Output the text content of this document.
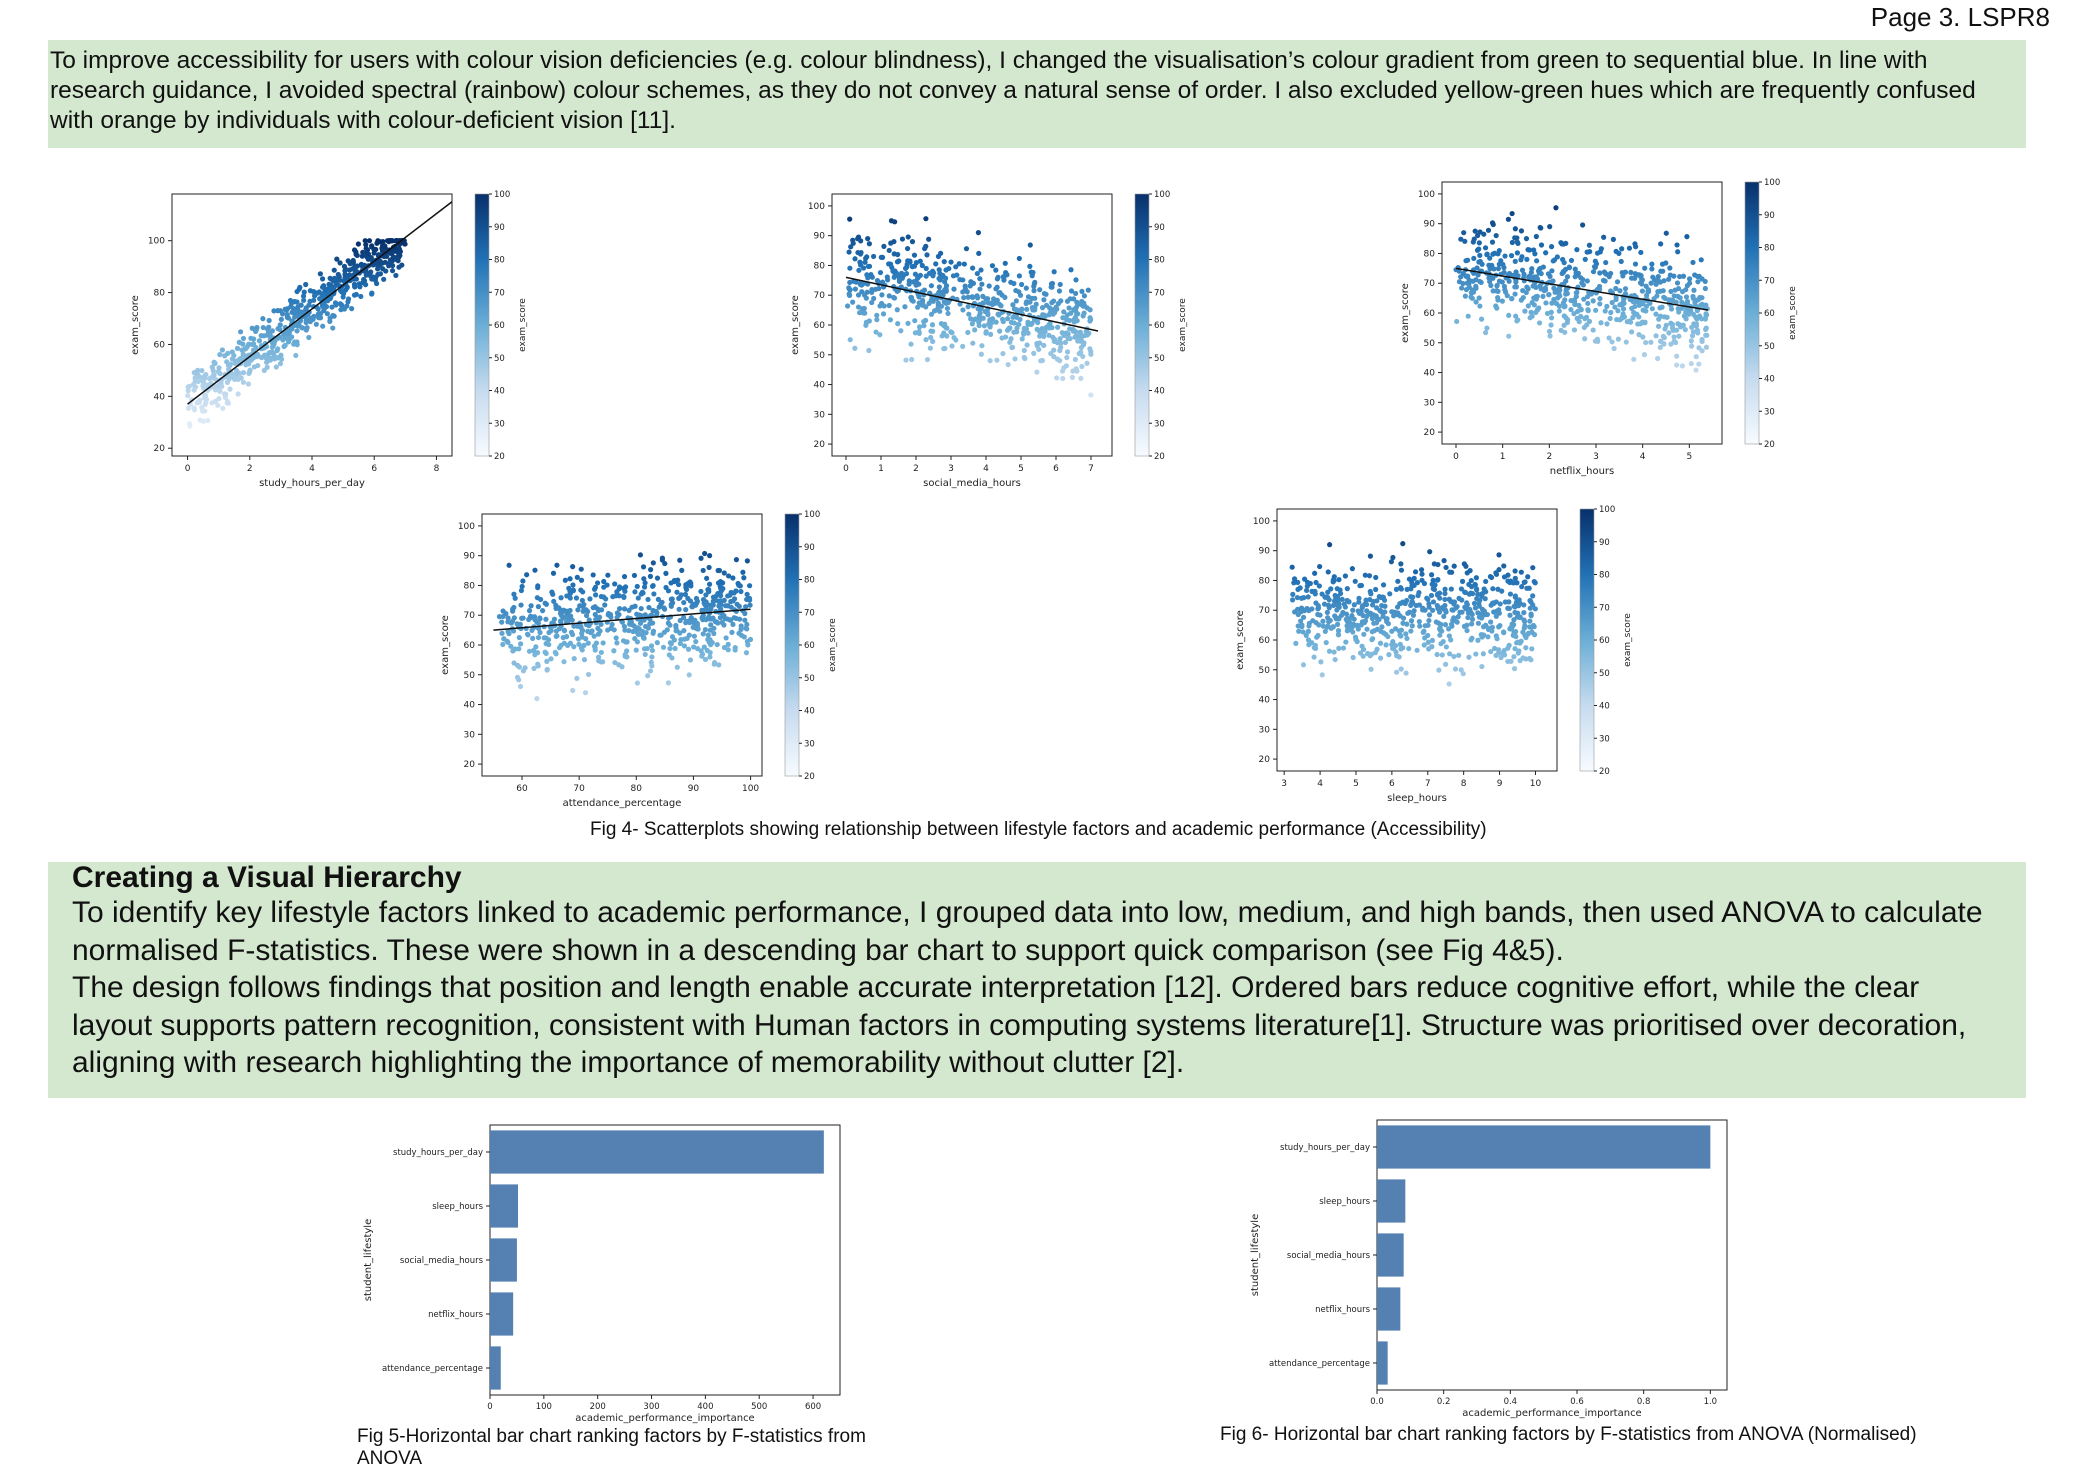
Page 3. LSPR8
To improve accessibility for users with colour vision deficiencies (e.g. colour blindness), I changed the visualisation’s colour gradient from green to sequential blue. In line with research guidance, I avoided spectral (rainbow) colour schemes, as they do not convey a natural sense of order. I also excluded yellow-green hues which are frequently confused with orange by individuals with colour-deficient vision [11].
0	2	4	6	8
20
40
60
80
100
study_hours_per_day
exam_score
20
30
40
50
60
70
80
90
100
exam_score
0	1	2	3	4	5	6	7
20
30
40
50
60
70
80
90
100
social_media_hours
exam_score
20
30
40
50
60
70
80
90
100
exam_score
0	1	2	3	4	5
20
30
40
50
60
70
80
90
100
netflix_hours
exam_score
20
30
40
50
60
70
80
90
100
exam_score
60	70	80	90	100
20
30
40
50
60
70
80
90
100
attendance_percentage
exam_score
20
30
40
50
60
70
80
90
100
exam_score
3	4	5	6	7	8	9	10
20
30
40
50
60
70
80
90
100
sleep_hours
exam_score
20
30
40
50
60
70
80
90
100
exam_score
Fig 4- Scatterplots showing relationship between lifestyle factors and academic performance (Accessibility)
Creating a Visual Hierarchy

To identify key lifestyle factors linked to academic performance, I grouped data into low, medium, and high bands, then used ANOVA to calculate normalised F-statistics. These were shown in a descending bar chart to support quick comparison (see Fig 4&5).

The design follows findings that position and length enable accurate interpretation [12]. Ordered bars reduce cognitive effort, while the clear layout supports pattern recognition, consistent with Human factors in computing systems literature[1]. Structure was prioritised over decoration, aligning with research highlighting the importance of memorability without clutter [2].

study_hours_per_day
sleep_hours
social_media_hours
netflix_hours
attendance_percentage
0	100	200	300	400	500	600
academic_performance_importance
student_lifestyle
study_hours_per_day
sleep_hours
social_media_hours
netflix_hours
attendance_percentage
0.0	0.2	0.4	0.6	0.8	1.0
academic_performance_importance
student_lifestyle
Fig 5-Horizontal bar chart ranking factors by F-statistics from ANOVA
Fig 6- Horizontal bar chart ranking factors by F-statistics from ANOVA (Normalised)
